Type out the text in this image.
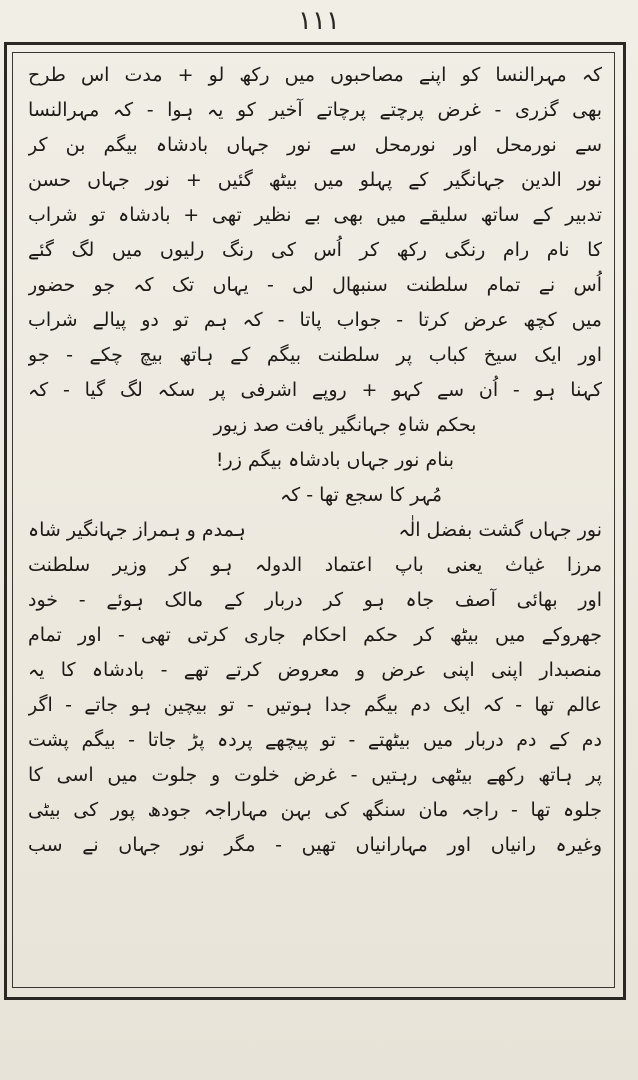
۱۱۱
کہ مہرالنسا کو اپنے مصاحبوں میں رکھ لو + مدت اس طرح
بھی گزری - غرض پرچتے پرچاتے آخیر کو یہ ہوا - کہ مہرالنسا
سے نورمحل اور نورمحل سے نور جہاں بادشاہ بیگم بن کر
نور الدین جہانگیر کے پہلو میں بیٹھ گئیں + نور جہاں حسن
تدبیر کے ساتھ سلیقے میں بھی بے نظیر تھی + بادشاہ تو شراب
کا نام رام رنگی رکھ کر اُس کی رنگ رلیوں میں لگ گئے
اُس نے تمام سلطنت سنبھال لی - یہاں تک کہ جو حضور
میں کچھ عرض کرتا - جواب پاتا - کہ ہم تو دو پیالے شراب
اور ایک سیخ کباب پر سلطنت بیگم کے ہاتھ بیچ چکے - جو
کہنا ہو - اُن سے کہو + روپے اشرفی پر سکہ لگ گیا - کہ
بحکم شاہِ جہانگیر یافت صد زیور
بنام نور جہاں بادشاہ بیگم زر!
مُہر کا سجع تھا - کہ
نور جہاں گشت بفضل الٰہ
ہمدم و ہمراز جہانگیر شاہ
مرزا غیاث یعنی باپ اعتماد الدولہ ہو کر وزیر سلطنت
اور بھائی آصف جاہ ہو کر دربار کے مالک ہوئے - خود
جھروکے میں بیٹھ کر حکم احکام جاری کرتی تھی - اور تمام
منصبدار اپنی اپنی عرض و معروض کرتے تھے - بادشاہ کا یہ
عالم تھا - کہ ایک دم بیگم جدا ہوتیں - تو بیچین ہو جاتے - اگر
دم کے دم دربار میں بیٹھتے - تو پیچھے پردہ پڑ جاتا - بیگم پشت
پر ہاتھ رکھے بیٹھی رہتیں - غرض خلوت و جلوت میں اسی کا
جلوہ تھا - راجہ مان سنگھ کی بہن مہاراجہ جودھ پور کی بیٹی
وغیرہ رانیاں اور مہارانیاں تھیں - مگر نور جہاں نے سب
